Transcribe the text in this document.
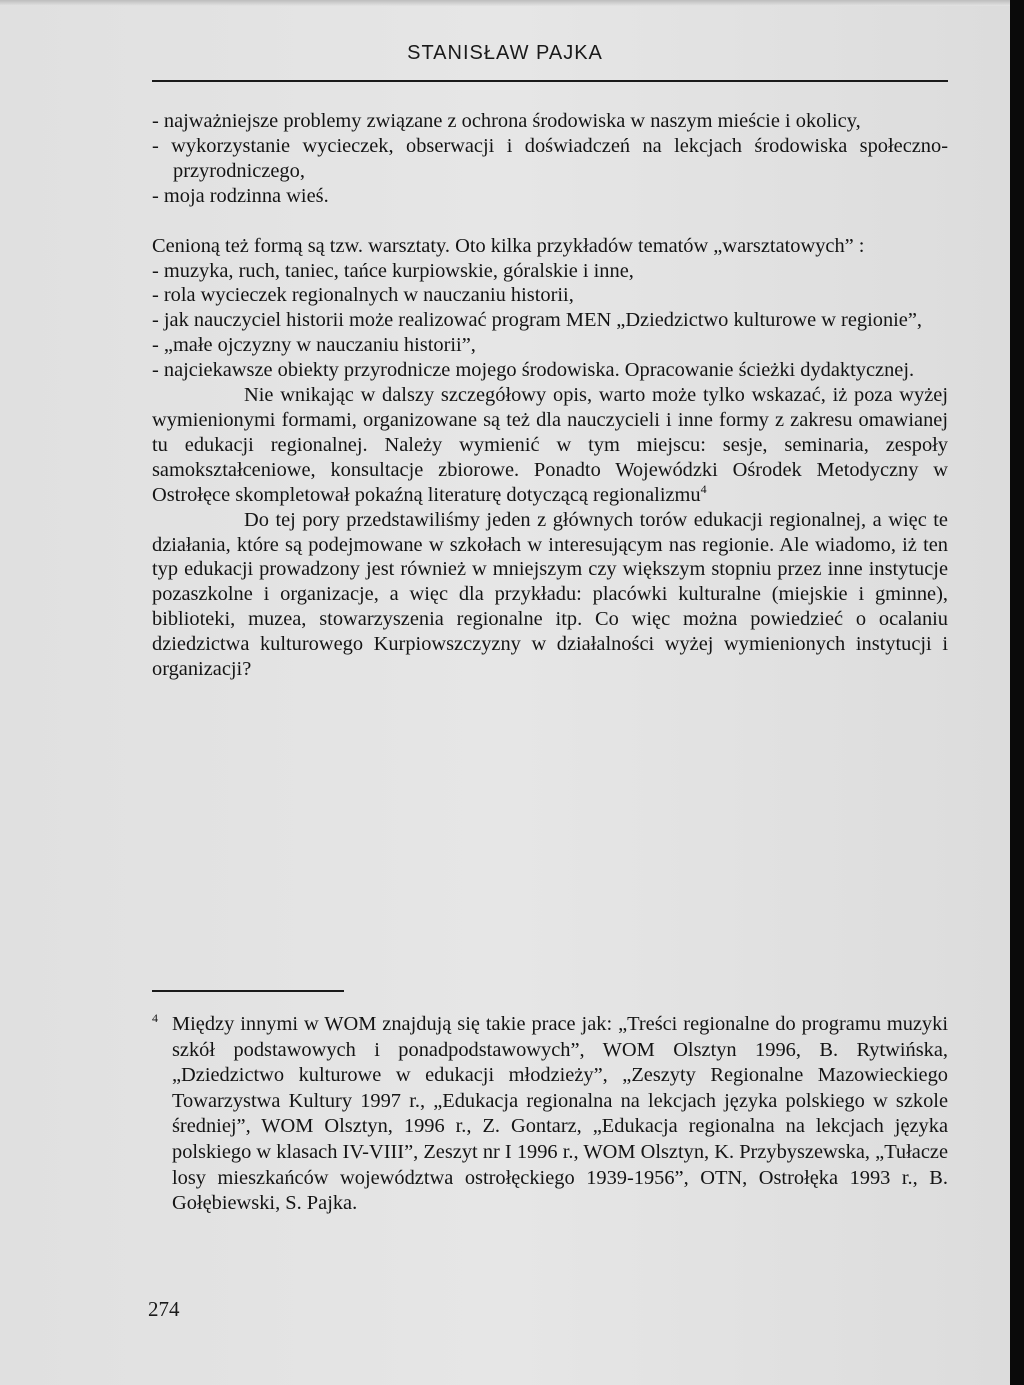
STANISŁAW PAJKA
- najważniejsze problemy związane z ochrona środowiska w naszym mieście i okolicy,
- wykorzystanie wycieczek, obserwacji i doświadczeń na lekcjach środowiska społeczno-przyrodniczego,
- moja rodzinna wieś.
Cenioną też formą są tzw. warsztaty. Oto kilka przykładów tematów „warsztatowych” :
- muzyka, ruch, taniec, tańce kurpiowskie, góralskie i inne,
- rola wycieczek regionalnych w nauczaniu historii,
- jak nauczyciel historii może realizować program MEN „Dziedzictwo kulturowe w regionie”,
- „małe ojczyzny w nauczaniu historii”,
- najciekawsze obiekty przyrodnicze mojego środowiska. Opracowanie ścieżki dydaktycznej.
Nie wnikając w dalszy szczegółowy opis, warto może tylko wskazać, iż poza wyżej wymienionymi formami, organizowane są też dla nauczycieli i inne formy z zakresu omawianej tu edukacji regionalnej. Należy wymienić w tym miejscu: sesje, seminaria, zespoły samokształceniowe, konsultacje zbiorowe. Ponadto Wojewódzki Ośrodek Metodyczny w Ostrołęce skompletował pokaźną literaturę dotyczącą regionalizmu$^4$
Do tej pory przedstawiliśmy jeden z głównych torów edukacji regionalnej, a więc te działania, które są podejmowane w szkołach w interesującym nas regionie. Ale wiadomo, iż ten typ edukacji prowadzony jest również w mniejszym czy większym stopniu przez inne instytucje pozaszkolne i organizacje, a więc dla przykładu: placówki kulturalne (miejskie i gminne), biblioteki, muzea, stowarzyszenia regionalne itp. Co więc można powiedzieć o ocalaniu dziedzictwa kulturowego Kurpiowszczyzny w działalności wyżej wymienionych instytucji i organizacji?
4 Między innymi w WOM znajdują się takie prace jak: „Treści regionalne do programu muzyki szkół podstawowych i ponadpodstawowych”, WOM Olsztyn 1996, B. Rytwińska, „Dziedzictwo kulturowe w edukacji młodzieży”, „Zeszyty Regionalne Mazowieckiego Towarzystwa Kultury 1997 r., „Edukacja regionalna na lekcjach języka polskiego w szkole średniej”, WOM Olsztyn, 1996 r., Z. Gontarz, „Edukacja regionalna na lekcjach języka polskiego w klasach IV-VIII”, Zeszyt nr I 1996 r., WOM Olsztyn, K. Przybyszewska, „Tułacze losy mieszkańców województwa ostrołęckiego 1939-1956”, OTN, Ostrołęka 1993 r., B. Gołębiewski, S. Pajka.
274
